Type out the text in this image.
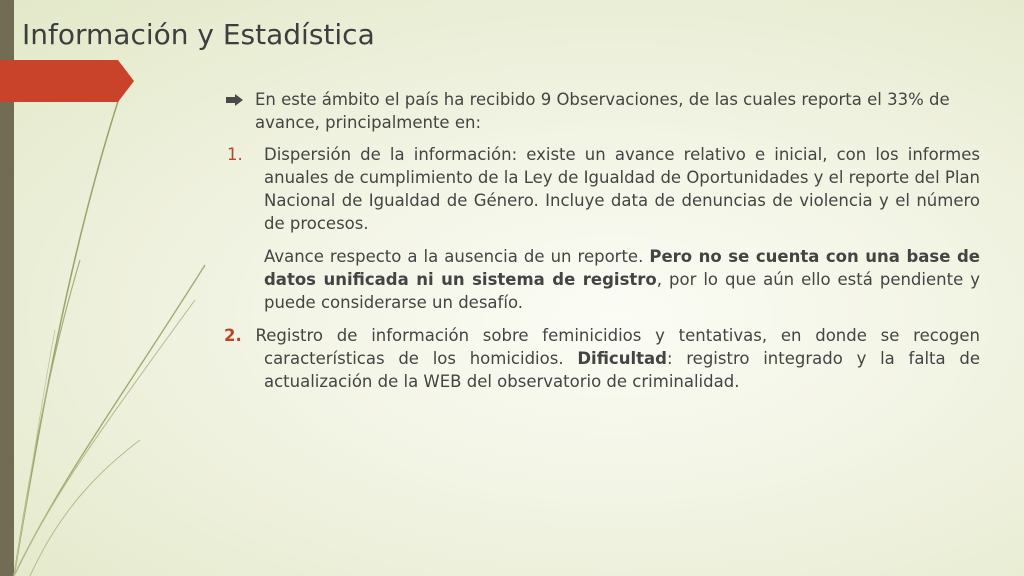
Información y Estadística
En este ámbito el país ha recibido 9 Observaciones, de las cuales reporta el 33% de avance, principalmente en:
1. Dispersión de la información: existe un avance relativo e inicial, con los informes anuales de cumplimiento de la Ley de Igualdad de Oportunidades y el reporte del Plan Nacional de Igualdad de Género. Incluye data de denuncias de violencia y el número de procesos.
Avance respecto a la ausencia de un reporte. Pero no se cuenta con una base de datos unificada ni un sistema de registro, por lo que aún ello está pendiente y puede considerarse un desafío.
2. Registro de información sobre feminicidios y tentativas, en donde se recogen características de los homicidios. Dificultad: registro integrado y la falta de actualización de la WEB del observatorio de criminalidad.
